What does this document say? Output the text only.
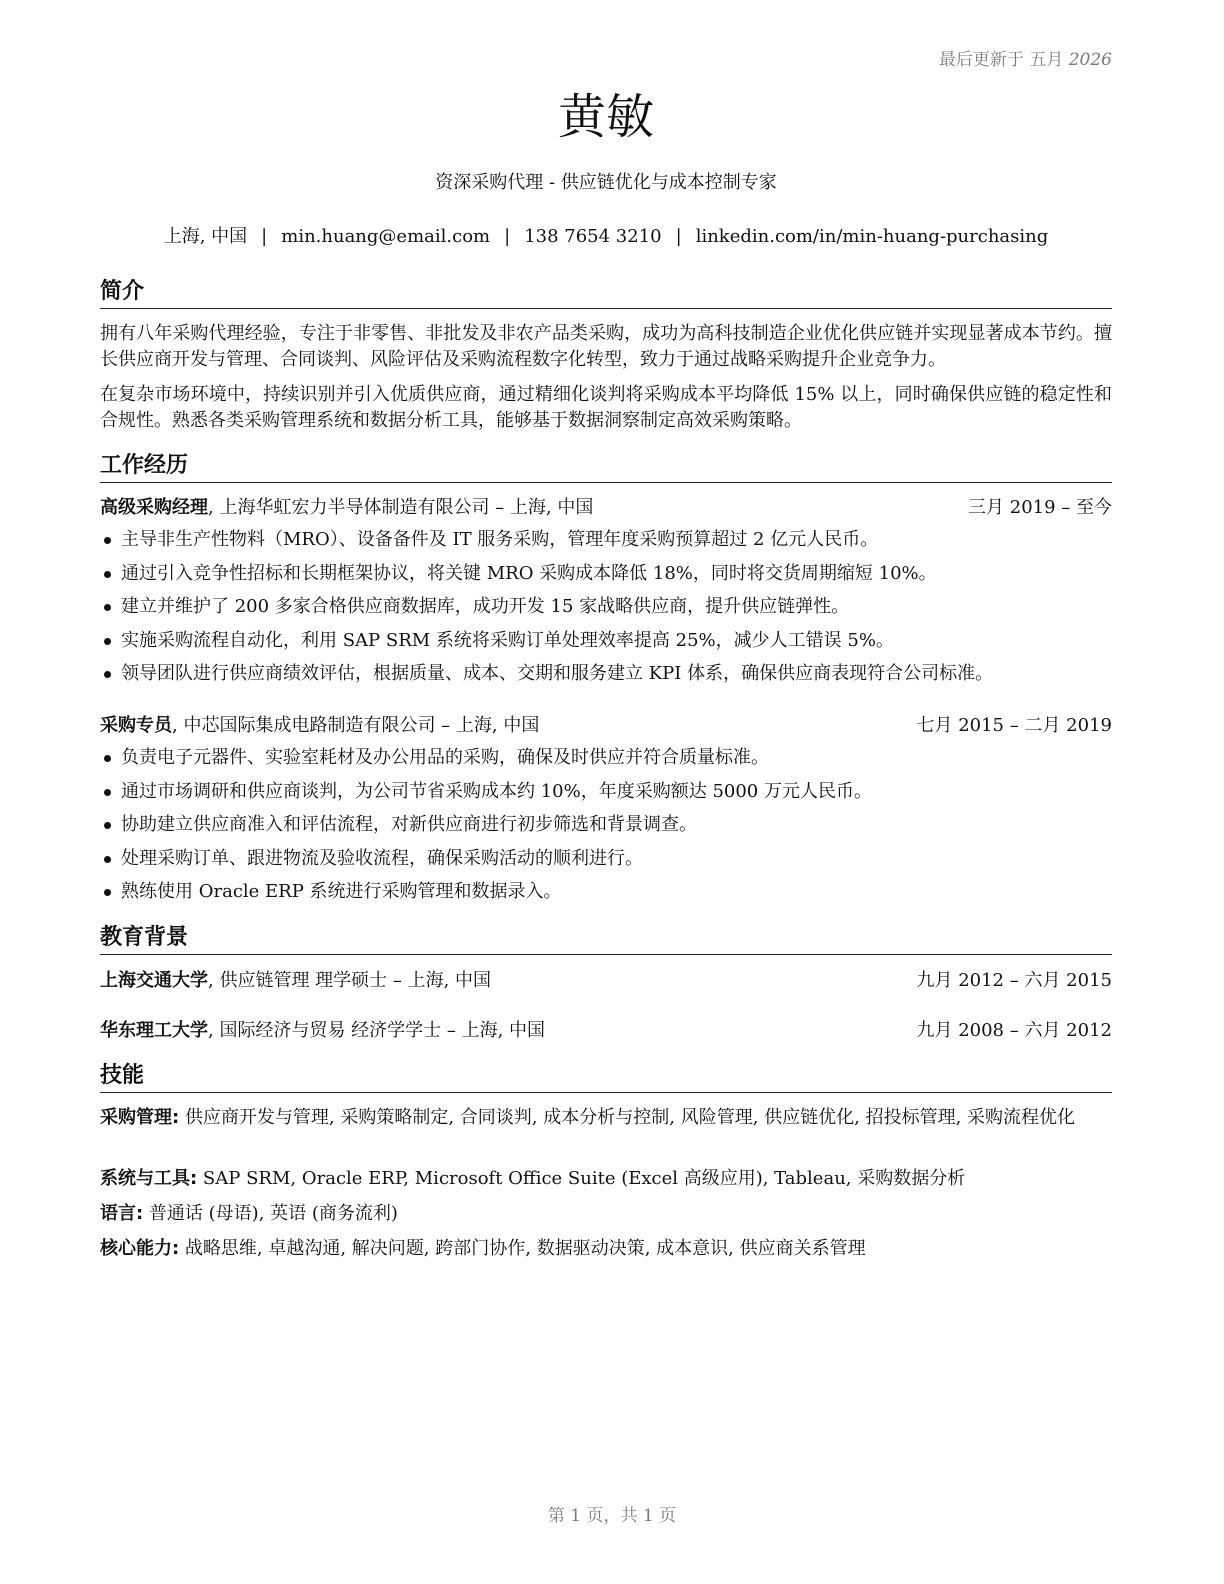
最后更新于 五月 2026
黄敏
资深采购代理 - 供应链优化与成本控制专家
上海, 中国 | min.huang@email.com | 138 7654 3210 | linkedin.com/in/min-huang-purchasing
简介
拥有八年采购代理经验，专注于非零售、非批发及非农产品类采购，成功为高科技制造企业优化供应链并实现显著成本节约。擅长供应商开发与管理、合同谈判、风险评估及采购流程数字化转型，致力于通过战略采购提升企业竞争力。
在复杂市场环境中，持续识别并引入优质供应商，通过精细化谈判将采购成本平均降低 15% 以上，同时确保供应链的稳定性和合规性。熟悉各类采购管理系统和数据分析工具，能够基于数据洞察制定高效采购策略。
工作经历
高级采购经理, 上海华虹宏力半导体制造有限公司 – 上海, 中国	三月 2019 – 至今
主导非生产性物料（MRO）、设备备件及 IT 服务采购，管理年度采购预算超过 2 亿元人民币。
通过引入竞争性招标和长期框架协议，将关键 MRO 采购成本降低 18%，同时将交货周期缩短 10%。
建立并维护了 200 多家合格供应商数据库，成功开发 15 家战略供应商，提升供应链弹性。
实施采购流程自动化，利用 SAP SRM 系统将采购订单处理效率提高 25%，减少人工错误 5%。
领导团队进行供应商绩效评估，根据质量、成本、交期和服务建立 KPI 体系，确保供应商表现符合公司标准。
采购专员, 中芯国际集成电路制造有限公司 – 上海, 中国	七月 2015 – 二月 2019
负责电子元器件、实验室耗材及办公用品的采购，确保及时供应并符合质量标准。
通过市场调研和供应商谈判，为公司节省采购成本约 10%，年度采购额达 5000 万元人民币。
协助建立供应商准入和评估流程，对新供应商进行初步筛选和背景调查。
处理采购订单、跟进物流及验收流程，确保采购活动的顺利进行。
熟练使用 Oracle ERP 系统进行采购管理和数据录入。
教育背景
上海交通大学, 供应链管理 理学硕士 – 上海, 中国	九月 2012 – 六月 2015
华东理工大学, 国际经济与贸易 经济学学士 – 上海, 中国	九月 2008 – 六月 2012
技能
采购管理: 供应商开发与管理, 采购策略制定, 合同谈判, 成本分析与控制, 风险管理, 供应链优化, 招投标管理, 采购流程优化
系统与工具: SAP SRM, Oracle ERP, Microsoft Office Suite (Excel 高级应用), Tableau, 采购数据分析
语言: 普通话 (母语), 英语 (商务流利)
核心能力: 战略思维, 卓越沟通, 解决问题, 跨部门协作, 数据驱动决策, 成本意识, 供应商关系管理
第 1 页，共 1 页
